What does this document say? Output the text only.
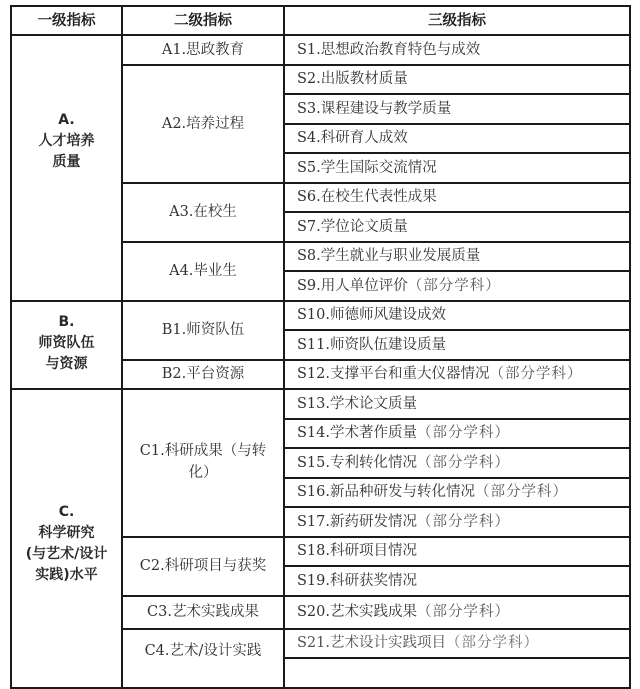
一级指标	二级指标	三级指标

A.
人才培养
质量	A1.思政教育	S1.思想政治教育特色与成效
	A2.培养过程	S2.出版教材质量
		S3.课程建设与教学质量
		S4.科研育人成效
		S5.学生国际交流情况
	A3.在校生	S6.在校生代表性成果
		S7.学位论文质量
	A4.毕业生	S8.学生就业与职业发展质量
		S9.用人单位评价（部分学科）

B.
师资队伍
与资源	B1.师资队伍	S10.师德师风建设成效
		S11.师资队伍建设质量
	B2.平台资源	S12.支撑平台和重大仪器情况（部分学科）

C.
科学研究
(与艺术/设计
实践)水平	C1.科研成果（与转
化）	S13.学术论文质量
		S14.学术著作质量（部分学科）
		S15.专利转化情况（部分学科）
		S16.新品种研发与转化情况（部分学科）
		S17.新药研发情况（部分学科）
	C2.科研项目与获奖	S18.科研项目情况
		S19.科研获奖情况
	C3.艺术实践成果	S20.艺术实践成果（部分学科）
	C4.艺术/设计实践	S21.艺术设计实践项目（部分学科）
